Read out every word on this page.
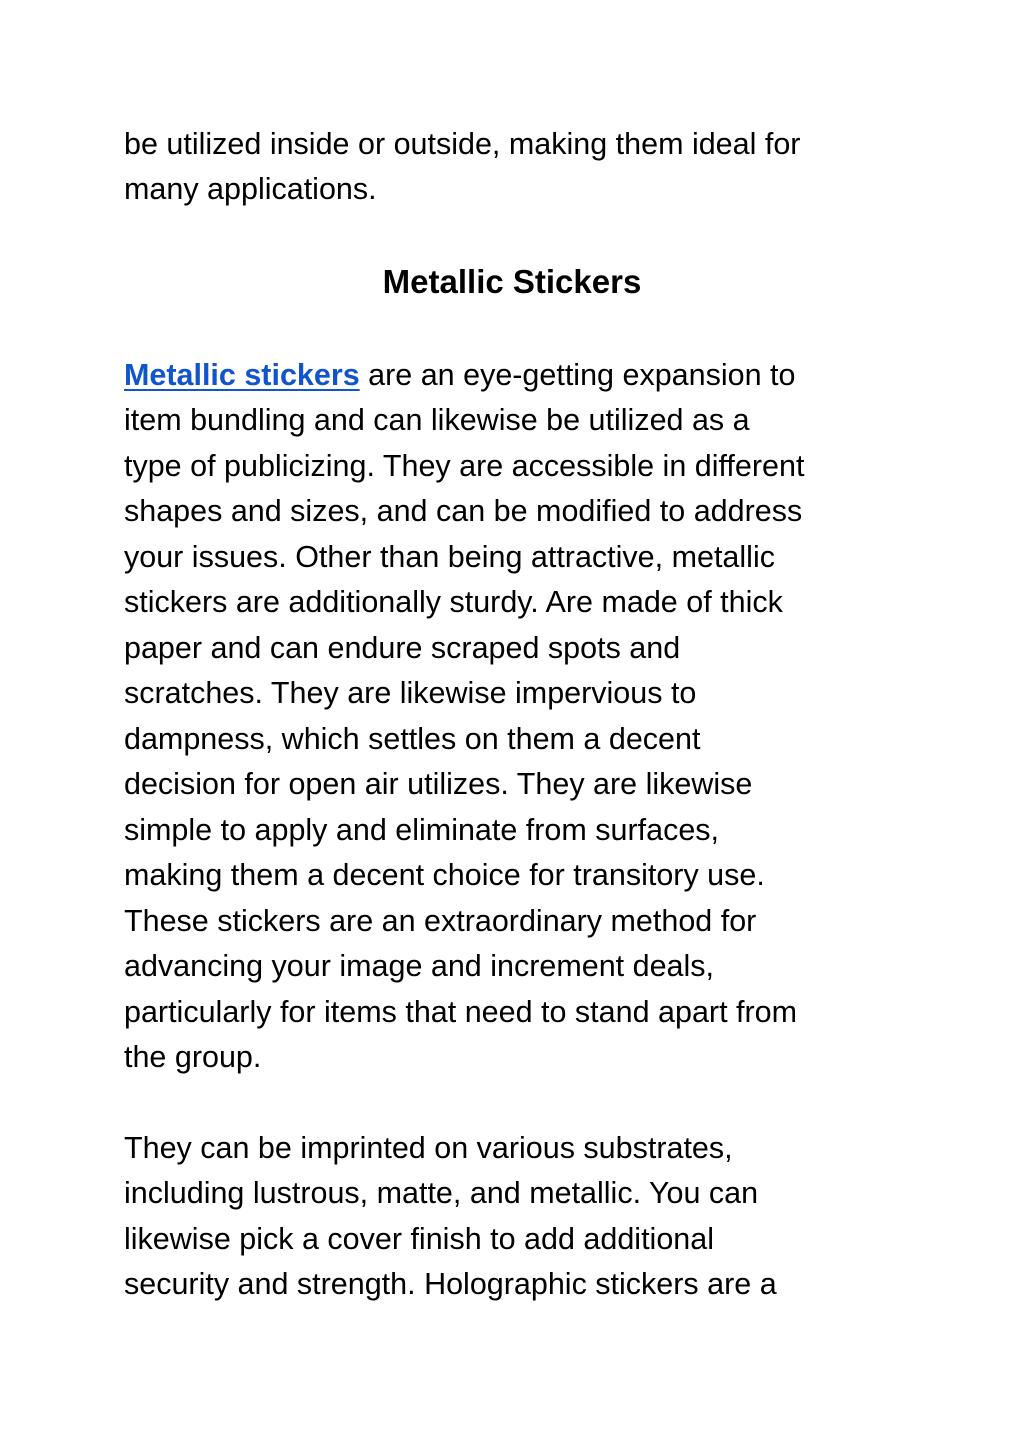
be utilized inside or outside, making them ideal for
many applications.
Metallic Stickers
Metallic stickers are an eye-getting expansion to
item bundling and can likewise be utilized as a
type of publicizing. They are accessible in different
shapes and sizes, and can be modified to address
your issues. Other than being attractive, metallic
stickers are additionally sturdy. Are made of thick
paper and can endure scraped spots and
scratches. They are likewise impervious to
dampness, which settles on them a decent
decision for open air utilizes. They are likewise
simple to apply and eliminate from surfaces,
making them a decent choice for transitory use.
These stickers are an extraordinary method for
advancing your image and increment deals,
particularly for items that need to stand apart from
the group.
They can be imprinted on various substrates,
including lustrous, matte, and metallic. You can
likewise pick a cover finish to add additional
security and strength. Holographic stickers are a
